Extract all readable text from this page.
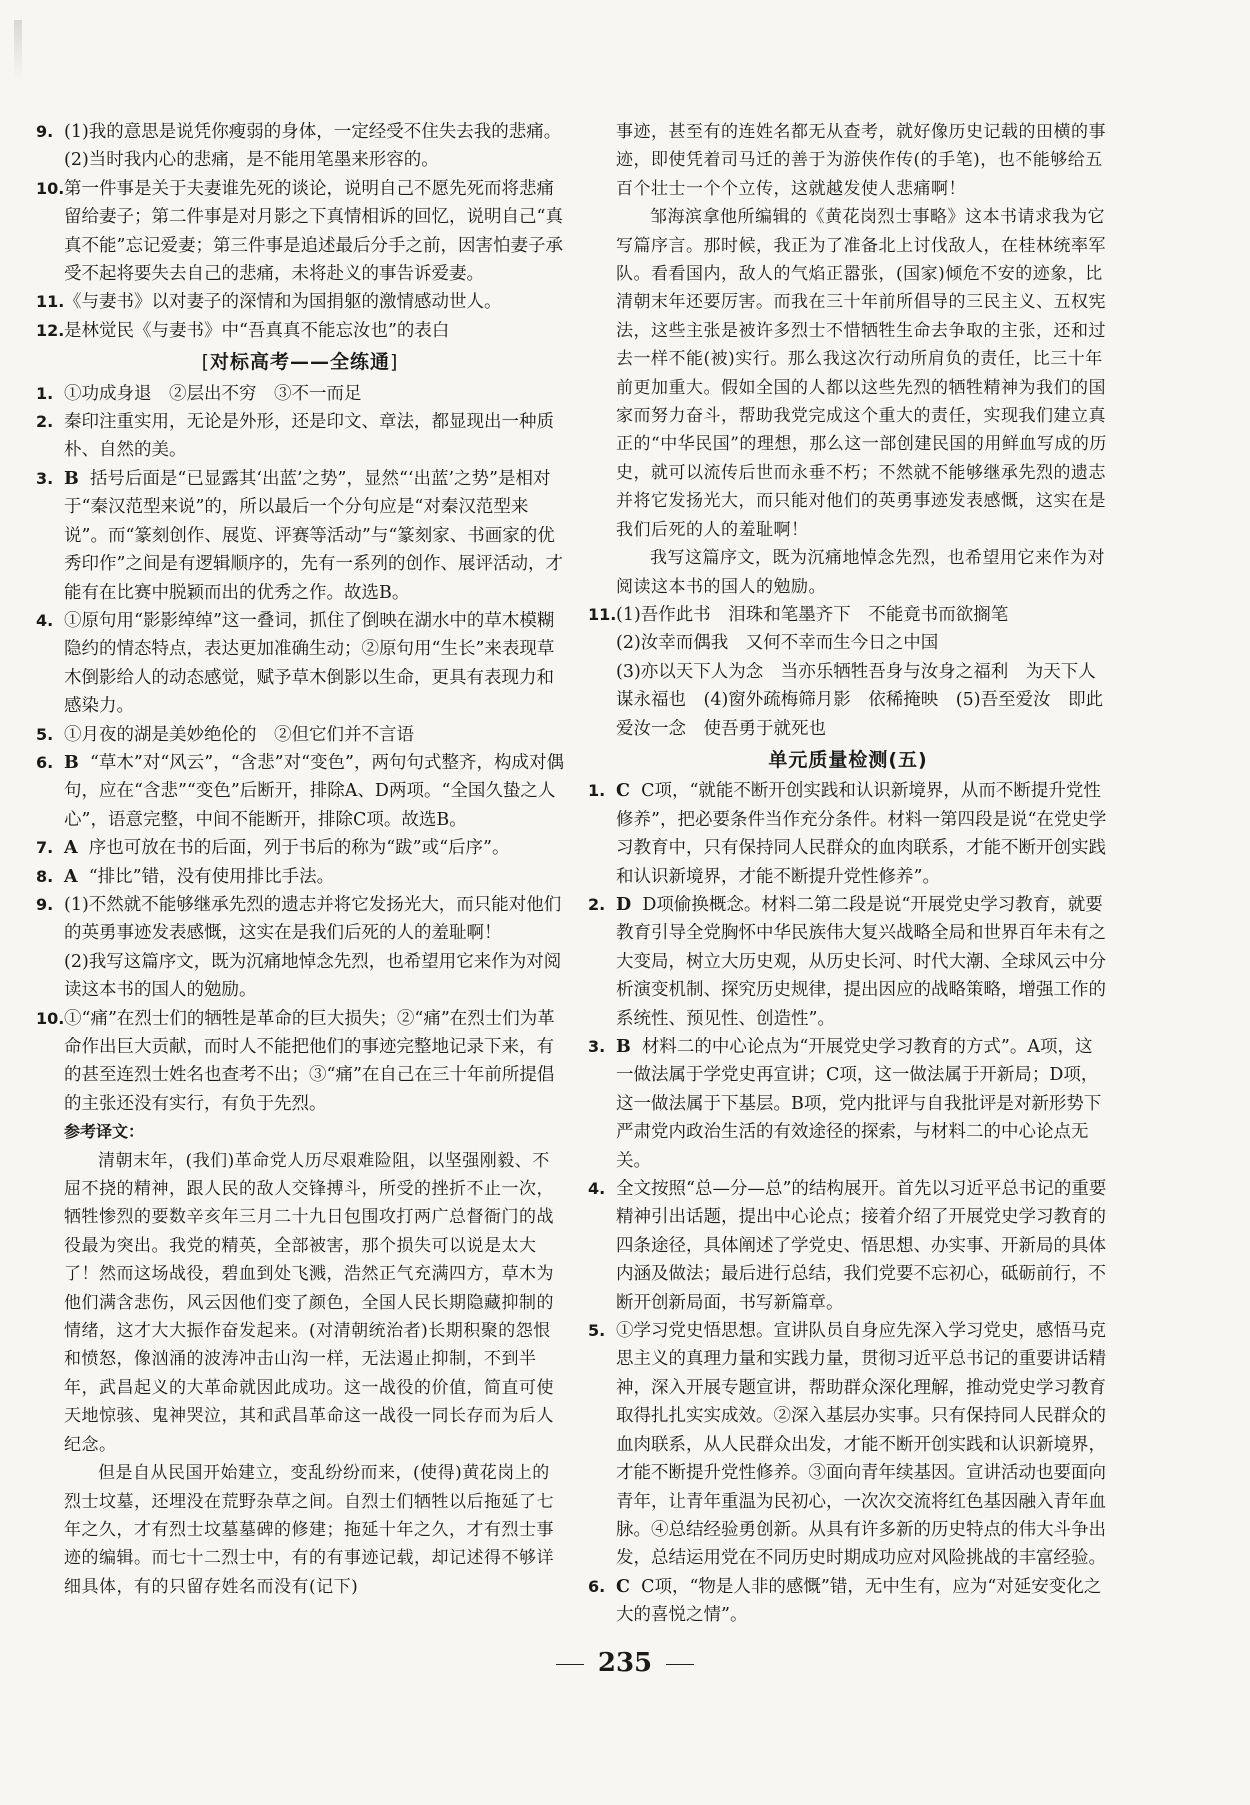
9. (1)我的意思是说凭你瘦弱的身体，一定经受不住失去我的悲痛。

(2)当时我内心的悲痛，是不能用笔墨来形容的。

10. 第一件事是关于夫妻谁先死的谈论，说明自己不愿先死而将悲痛留给妻子；第二件事是对月影之下真情相诉的回忆，说明自己“真真不能”忘记爱妻；第三件事是追述最后分手之前，因害怕妻子承受不起将要失去自己的悲痛，未将赴义的事告诉爱妻。

11. 《与妻书》以对妻子的深情和为国捐躯的激情感动世人。

12. 是林觉民《与妻书》中“吾真真不能忘汝也”的表白

[ 对标高考——全练通 ]
1. ①功成身退　②层出不穷　③不一而足

2. 秦印注重实用，无论是外形，还是印文、章法，都显现出一种质朴、自然的美。

3. B 括号后面是“已显露其‘出蓝’之势”，显然“‘出蓝’之势”是相对于“秦汉范型来说”的，所以最后一个分句应是“对秦汉范型来说”。而“篆刻创作、展览、评赛等活动”与“篆刻家、书画家的优秀印作”之间是有逻辑顺序的，先有一系列的创作、展评活动，才能有在比赛中脱颖而出的优秀之作。故选B。

4. ①原句用“影影绰绰”这一叠词，抓住了倒映在湖水中的草木模糊隐约的情态特点，表达更加准确生动；②原句用“生长”来表现草木倒影给人的动态感觉，赋予草木倒影以生命，更具有表现力和感染力。

5. ①月夜的湖是美妙绝伦的　②但它们并不言语

6. B “草木”对“风云”，“含悲”对“变色”，两句句式整齐，构成对偶句，应在“含悲”“变色”后断开，排除A、D两项。“全国久蛰之人心”，语意完整，中间不能断开，排除C项。故选B。

7. A 序也可放在书的后面，列于书后的称为“跋”或“后序”。

8. A “排比”错，没有使用排比手法。

9. (1)不然就不能够继承先烈的遗志并将它发扬光大，而只能对他们的英勇事迹发表感慨，这实在是我们后死的人的羞耻啊！

(2)我写这篇序文，既为沉痛地悼念先烈，也希望用它来作为对阅读这本书的国人的勉励。

10. ①“痛”在烈士们的牺牲是革命的巨大损失；②“痛”在烈士们为革命作出巨大贡献，而时人不能把他们的事迹完整地记录下来，有的甚至连烈士姓名也查考不出；③“痛”在自己在三十年前所提倡的主张还没有实行，有负于先烈。

参考译文：

清朝末年，(我们)革命党人历尽艰难险阻，以坚强刚毅、不屈不挠的精神，跟人民的敌人交锋搏斗，所受的挫折不止一次，牺牲惨烈的要数辛亥年三月二十九日包围攻打两广总督衙门的战役最为突出。我党的精英，全部被害，那个损失可以说是太大了！然而这场战役，碧血到处飞溅，浩然正气充满四方，草木为他们满含悲伤，风云因他们变了颜色，全国人民长期隐藏抑制的情绪，这才大大振作奋发起来。(对清朝统治者)长期积聚的怨恨和愤怒，像汹涌的波涛冲击山沟一样，无法遏止抑制，不到半年，武昌起义的大革命就因此成功。这一战役的价值，简直可使天地惊骇、鬼神哭泣，其和武昌革命这一战役一同长存而为后人纪念。

但是自从民国开始建立，变乱纷纷而来，(使得)黄花岗上的烈士坟墓，还埋没在荒野杂草之间。自烈士们牺牲以后拖延了七年之久，才有烈士坟墓墓碑的修建；拖延十年之久，才有烈士事迹的编辑。而七十二烈士中，有的有事迹记载，却记述得不够详细具体，有的只留存姓名而没有(记下)

事迹，甚至有的连姓名都无从查考，就好像历史记载的田横的事迹，即使凭着司马迁的善于为游侠作传(的手笔)，也不能够给五百个壮士一个个立传，这就越发使人悲痛啊！

邹海滨拿他所编辑的《黄花岗烈士事略》这本书请求我为它写篇序言。那时候，我正为了准备北上讨伐敌人，在桂林统率军队。看看国内，敌人的气焰正嚣张，(国家)倾危不安的迹象，比清朝末年还要厉害。而我在三十年前所倡导的三民主义、五权宪法，这些主张是被许多烈士不惜牺牲生命去争取的主张，还和过去一样不能(被)实行。那么我这次行动所肩负的责任，比三十年前更加重大。假如全国的人都以这些先烈的牺牲精神为我们的国家而努力奋斗，帮助我党完成这个重大的责任，实现我们建立真正的“中华民国”的理想，那么这一部创建民国的用鲜血写成的历史，就可以流传后世而永垂不朽；不然就不能够继承先烈的遗志并将它发扬光大，而只能对他们的英勇事迹发表感慨，这实在是我们后死的人的羞耻啊！

我写这篇序文，既为沉痛地悼念先烈，也希望用它来作为对阅读这本书的国人的勉励。

11. (1)吾作此书　泪珠和笔墨齐下　不能竟书而欲搁笔

(2)汝幸而偶我　又何不幸而生今日之中国

(3)亦以天下人为念　当亦乐牺牲吾身与汝身之福利　为天下人谋永福也　(4)窗外疏梅筛月影　依稀掩映　(5)吾至爱汝　即此爱汝一念　使吾勇于就死也

单元质量检测(五)
1. C C项，“就能不断开创实践和认识新境界，从而不断提升党性修养”，把必要条件当作充分条件。材料一第四段是说“在党史学习教育中，只有保持同人民群众的血肉联系，才能不断开创实践和认识新境界，才能不断提升党性修养”。

2. D D项偷换概念。材料二第二段是说“开展党史学习教育，就要教育引导全党胸怀中华民族伟大复兴战略全局和世界百年未有之大变局，树立大历史观，从历史长河、时代大潮、全球风云中分析演变机制、探究历史规律，提出因应的战略策略，增强工作的系统性、预见性、创造性”。

3. B 材料二的中心论点为“开展党史学习教育的方式”。A项，这一做法属于学党史再宣讲；C项，这一做法属于开新局；D项，这一做法属于下基层。B项，党内批评与自我批评是对新形势下严肃党内政治生活的有效途径的探索，与材料二的中心论点无关。

4. 全文按照“总—分—总”的结构展开。首先以习近平总书记的重要精神引出话题，提出中心论点；接着介绍了开展党史学习教育的四条途径，具体阐述了学党史、悟思想、办实事、开新局的具体内涵及做法；最后进行总结，我们党要不忘初心，砥砺前行，不断开创新局面，书写新篇章。

5. ①学习党史悟思想。宣讲队员自身应先深入学习党史，感悟马克思主义的真理力量和实践力量，贯彻习近平总书记的重要讲话精神，深入开展专题宣讲，帮助群众深化理解，推动党史学习教育取得扎扎实实成效。②深入基层办实事。只有保持同人民群众的血肉联系，从人民群众出发，才能不断开创实践和认识新境界，才能不断提升党性修养。③面向青年续基因。宣讲活动也要面向青年，让青年重温为民初心，一次次交流将红色基因融入青年血脉。④总结经验勇创新。从具有许多新的历史特点的伟大斗争出发，总结运用党在不同历史时期成功应对风险挑战的丰富经验。

6. C C项，“物是人非的感慨”错，无中生有，应为“对延安变化之大的喜悦之情”。

235
